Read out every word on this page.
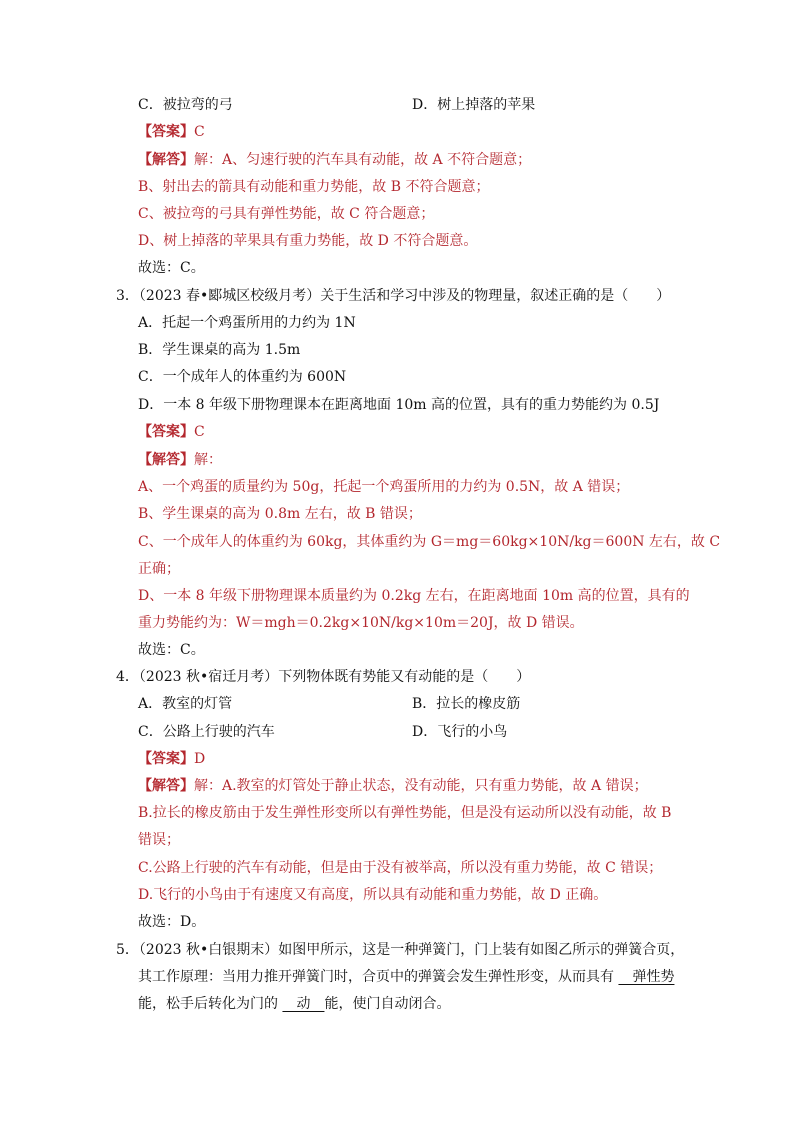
C．被拉弯的弓	D．树上掉落的苹果
【答案】C
【解答】解：A、匀速行驶的汽车具有动能，故 A 不符合题意；
B、射出去的箭具有动能和重力势能，故 B 不符合题意；
C、被拉弯的弓具有弹性势能，故 C 符合题意；
D、树上掉落的苹果具有重力势能，故 D 不符合题意。
故选：C。
3．（2023 春•郾城区校级月考）关于生活和学习中涉及的物理量，叙述正确的是（　　）
A．托起一个鸡蛋所用的力约为 1N
B．学生课桌的高为 1.5m
C．一个成年人的体重约为 600N
D．一本 8 年级下册物理课本在距离地面 10m 高的位置，具有的重力势能约为 0.5J
【答案】C
【解答】解：
A、一个鸡蛋的质量约为 50g，托起一个鸡蛋所用的力约为 0.5N，故 A 错误；
B、学生课桌的高为 0.8m 左右，故 B 错误；
C、一个成年人的体重约为 60kg，其体重约为 G＝mg＝60kg×10N/kg＝600N 左右，故 C
正确；
D、一本 8 年级下册物理课本质量约为 0.2kg 左右，在距离地面 10m 高的位置，具有的
重力势能约为：W＝mgh＝0.2kg×10N/kg×10m＝20J，故 D 错误。
故选：C。
4．（2023 秋•宿迁月考）下列物体既有势能又有动能的是（　　）
A．教室的灯管	B．拉长的橡皮筋
C．公路上行驶的汽车	D．飞行的小鸟
【答案】D
【解答】解：A.教室的灯管处于静止状态，没有动能，只有重力势能，故 A 错误；
B.拉长的橡皮筋由于发生弹性形变所以有弹性势能，但是没有运动所以没有动能，故 B
错误；
C.公路上行驶的汽车有动能，但是由于没有被举高，所以没有重力势能，故 C 错误；
D.飞行的小鸟由于有速度又有高度，所以具有动能和重力势能，故 D 正确。
故选：D。
5．（2023 秋•白银期末）如图甲所示，这是一种弹簧门，门上装有如图乙所示的弹簧合页，
其工作原理：当用力推开弹簧门时，合页中的弹簧会发生弹性形变，从而具有 　弹性势
能，松手后转化为门的 　动　能，使门自动闭合。
